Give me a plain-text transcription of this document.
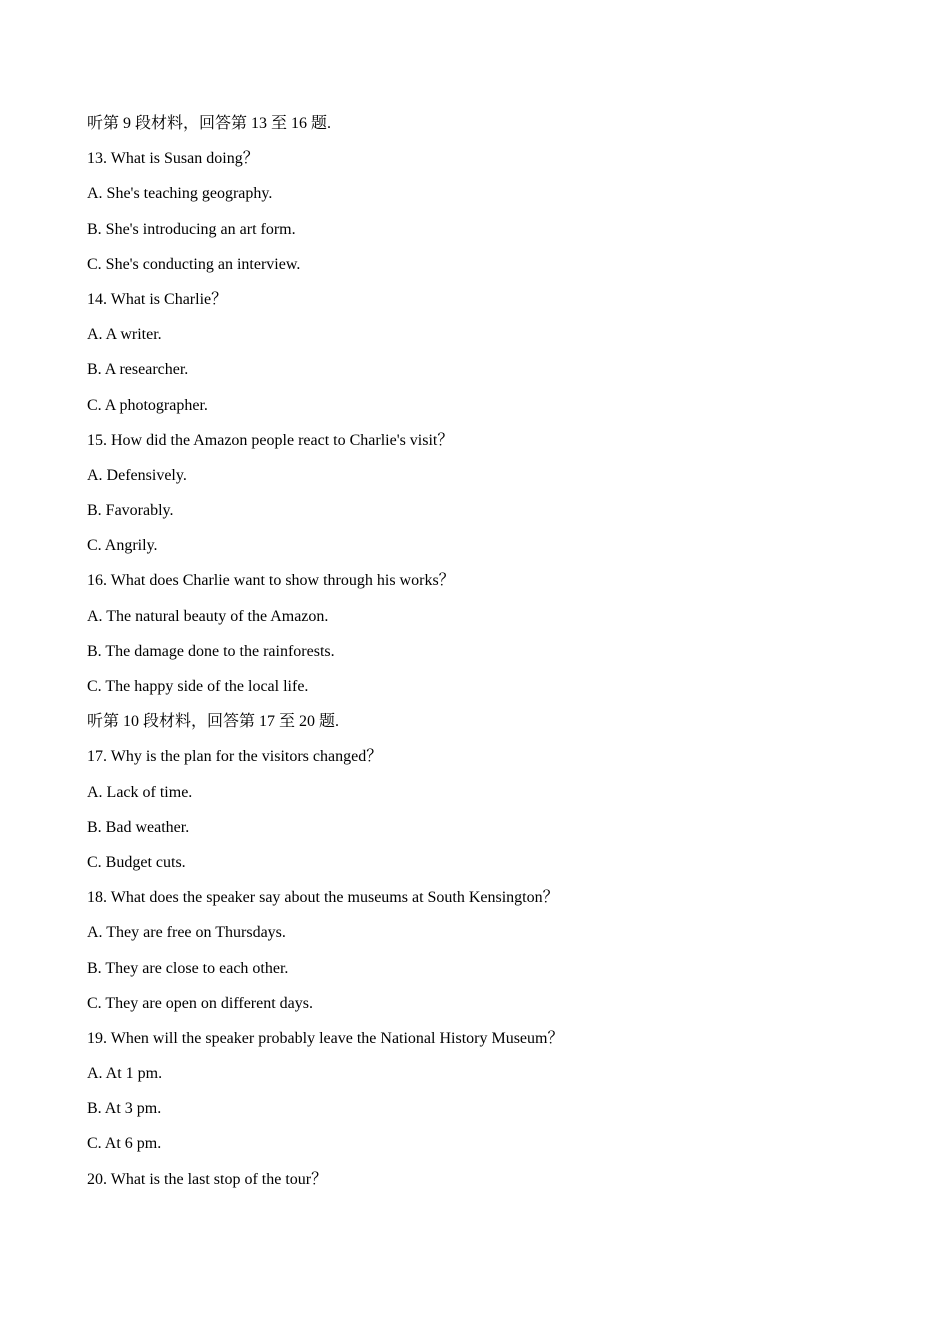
听第 9 段材料，回答第 13 至 16 题.
13. What is Susan doing？
A. She's teaching geography.
B. She's introducing an art form.
C. She's conducting an interview.
14. What is Charlie？
A. A writer.
B. A researcher.
C. A photographer.
15. How did the Amazon people react to Charlie's visit？
A. Defensively.
B. Favorably.
C. Angrily.
16. What does Charlie want to show through his works？
A. The natural beauty of the Amazon.
B. The damage done to the rainforests.
C. The happy side of the local life.
听第 10 段材料，回答第 17 至 20 题.
17. Why is the plan for the visitors changed？
A. Lack of time.
B. Bad weather.
C. Budget cuts.
18. What does the speaker say about the museums at South Kensington？
A. They are free on Thursdays.
B. They are close to each other.
C. They are open on different days.
19. When will the speaker probably leave the National History Museum？
A. At 1 pm.
B. At 3 pm.
C. At 6 pm.
20. What is the last stop of the tour？
